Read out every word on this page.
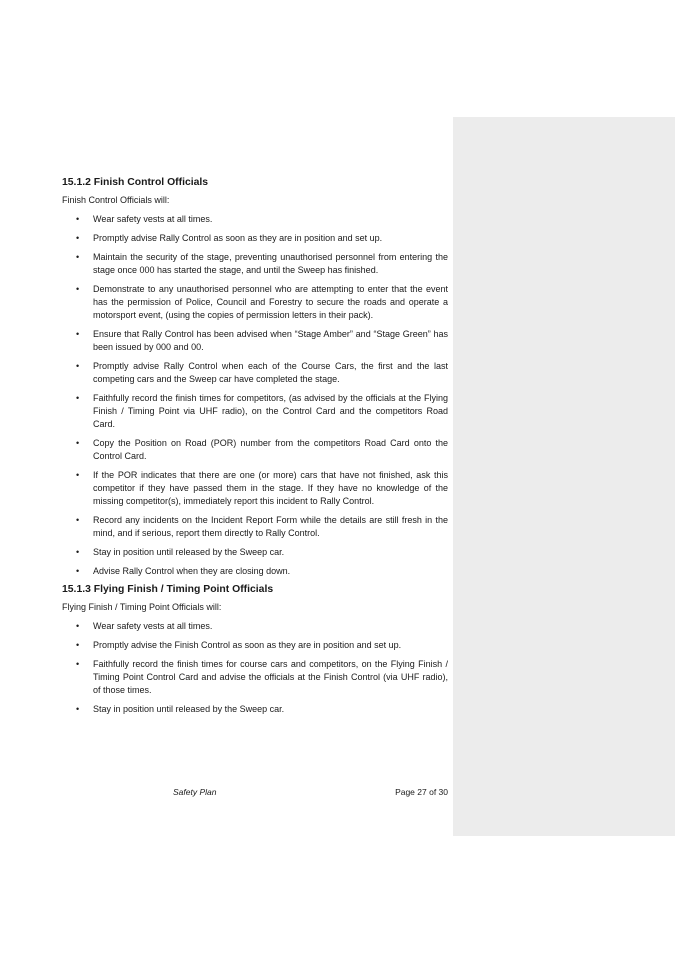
15.1.2 Finish Control Officials

Finish Control Officials will:

• Wear safety vests at all times.
• Promptly advise Rally Control as soon as they are in position and set up.
• Maintain the security of the stage, preventing unauthorised personnel from entering the stage once 000 has started the stage, and until the Sweep has finished.
• Demonstrate to any unauthorised personnel who are attempting to enter that the event has the permission of Police, Council and Forestry to secure the roads and operate a motorsport event, (using the copies of permission letters in their pack).
• Ensure that Rally Control has been advised when “Stage Amber” and “Stage Green” has been issued by 000 and 00.
• Promptly advise Rally Control when each of the Course Cars, the first and the last competing cars and the Sweep car have completed the stage.
• Faithfully record the finish times for competitors, (as advised by the officials at the Flying Finish / Timing Point via UHF radio), on the Control Card and the competitors Road Card.
• Copy the Position on Road (POR) number from the competitors Road Card onto the Control Card.
• If the POR indicates that there are one (or more) cars that have not finished, ask this competitor if they have passed them in the stage. If they have no knowledge of the missing competitor(s), immediately report this incident to Rally Control.
• Record any incidents on the Incident Report Form while the details are still fresh in the mind, and if serious, report them directly to Rally Control.
• Stay in position until released by the Sweep car.
• Advise Rally Control when they are closing down.
15.1.3 Flying Finish / Timing Point Officials

Flying Finish / Timing Point Officials will:

• Wear safety vests at all times.
• Promptly advise the Finish Control as soon as they are in position and set up.
• Faithfully record the finish times for course cars and competitors, on the Flying Finish / Timing Point Control Card and advise the officials at the Finish Control (via UHF radio), of those times.
• Stay in position until released by the Sweep car.
Safety Plan	Page 27 of 30
